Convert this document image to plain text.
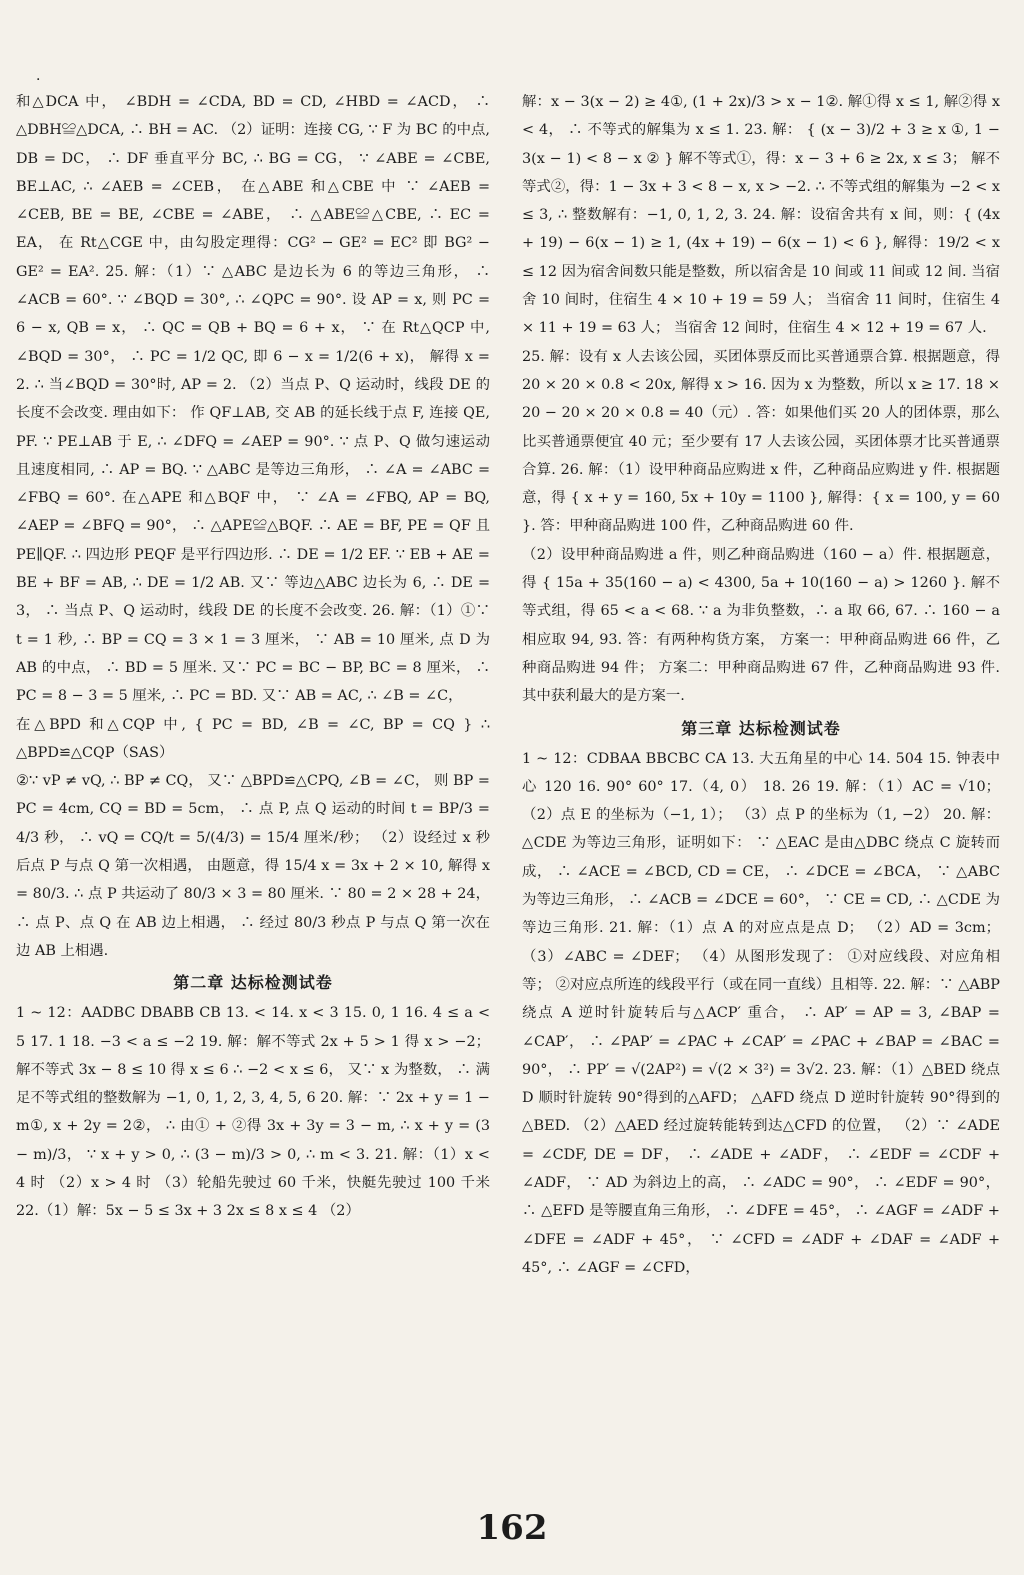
·

和△DCA 中， ∠BDH = ∠CDA, BD = CD, ∠HBD = ∠ACD， ∴ △DBH≌△DCA, ∴ BH = AC. （2）证明：连接 CG, ∵ F 为 BC 的中点, DB = DC， ∴ DF 垂直平分 BC, ∴ BG = CG， ∵ ∠ABE = ∠CBE, BE⊥AC, ∴ ∠AEB = ∠CEB， 在△ABE 和△CBE 中 ∵ ∠AEB = ∠CEB, BE = BE, ∠CBE = ∠ABE， ∴ △ABE≌△CBE, ∴ EC = EA， 在 Rt△CGE 中，由勾股定理得：CG² − GE² = EC² 即 BG² − GE² = EA². 25. 解：（1）∵ △ABC 是边长为 6 的等边三角形， ∴ ∠ACB = 60°. ∵ ∠BQD = 30°, ∴ ∠QPC = 90°. 设 AP = x, 则 PC = 6 − x, QB = x， ∴ QC = QB + BQ = 6 + x， ∵ 在 Rt△QCP 中, ∠BQD = 30°， ∴ PC = 1/2 QC, 即 6 − x = 1/2(6 + x)， 解得 x = 2. ∴ 当∠BQD = 30°时, AP = 2. （2）当点 P、Q 运动时，线段 DE 的长度不会改变. 理由如下： 作 QF⊥AB, 交 AB 的延长线于点 F, 连接 QE, PF. ∵ PE⊥AB 于 E, ∴ ∠DFQ = ∠AEP = 90°. ∵ 点 P、Q 做匀速运动且速度相同, ∴ AP = BQ. ∵ △ABC 是等边三角形， ∴ ∠A = ∠ABC = ∠FBQ = 60°. 在△APE 和△BQF 中， ∵ ∠A = ∠FBQ, AP = BQ, ∠AEP = ∠BFQ = 90°， ∴ △APE≌△BQF. ∴ AE = BF, PE = QF 且 PE∥QF. ∴ 四边形 PEQF 是平行四边形. ∴ DE = 1/2 EF. ∵ EB + AE = BE + BF = AB, ∴ DE = 1/2 AB. 又∵ 等边△ABC 边长为 6, ∴ DE = 3， ∴ 当点 P、Q 运动时，线段 DE 的长度不会改变. 26. 解：（1）①∵ t = 1 秒, ∴ BP = CQ = 3 × 1 = 3 厘米， ∵ AB = 10 厘米, 点 D 为 AB 的中点， ∴ BD = 5 厘米. 又∵ PC = BC − BP, BC = 8 厘米， ∴ PC = 8 − 3 = 5 厘米, ∴ PC = BD. 又∵ AB = AC, ∴ ∠B = ∠C，

在△BPD 和△CQP 中, { PC = BD, ∠B = ∠C, BP = CQ } ∴ △BPD≌△CQP（SAS）

②∵ vP ≠ vQ, ∴ BP ≠ CQ， 又∵ △BPD≌△CPQ, ∠B = ∠C， 则 BP = PC = 4cm, CQ = BD = 5cm， ∴ 点 P, 点 Q 运动的时间 t = BP/3 = 4/3 秒， ∴ vQ = CQ/t = 5/(4/3) = 15/4 厘米/秒； （2）设经过 x 秒后点 P 与点 Q 第一次相遇， 由题意，得 15/4 x = 3x + 2 × 10, 解得 x = 80/3. ∴ 点 P 共运动了 80/3 × 3 = 80 厘米. ∵ 80 = 2 × 28 + 24， ∴ 点 P、点 Q 在 AB 边上相遇， ∴ 经过 80/3 秒点 P 与点 Q 第一次在边 AB 上相遇.

第二章 达标检测试卷

1 ~ 12：AADBC DBABB CB 13. < 14. x < 3 15. 0, 1 16. 4 ≤ a < 5 17. 1 18. −3 < a ≤ −2 19. 解：解不等式 2x + 5 > 1 得 x > −2； 解不等式 3x − 8 ≤ 10 得 x ≤ 6 ∴ −2 < x ≤ 6， 又∵ x 为整数， ∴ 满足不等式组的整数解为 −1, 0, 1, 2, 3, 4, 5, 6 20. 解：∵ 2x + y = 1 − m①, x + 2y = 2②， ∴ 由① + ②得 3x + 3y = 3 − m, ∴ x + y = (3 − m)/3， ∵ x + y > 0, ∴ (3 − m)/3 > 0, ∴ m < 3. 21. 解：（1）x < 4 时 （2）x > 4 时 （3）轮船先驶过 60 千米，快艇先驶过 100 千米 22.（1）解：5x − 5 ≤ 3x + 3 2x ≤ 8 x ≤ 4 （2）

解：x − 3(x − 2) ≥ 4①, (1 + 2x)/3 > x − 1②. 解①得 x ≤ 1, 解②得 x < 4， ∴ 不等式的解集为 x ≤ 1. 23. 解： { (x − 3)/2 + 3 ≥ x ①, 1 − 3(x − 1) < 8 − x ② } 解不等式①，得：x − 3 + 6 ≥ 2x, x ≤ 3； 解不等式②，得：1 − 3x + 3 < 8 − x, x > −2. ∴ 不等式组的解集为 −2 < x ≤ 3, ∴ 整数解有：−1, 0, 1, 2, 3. 24. 解：设宿舍共有 x 间，则：{ (4x + 19) − 6(x − 1) ≥ 1, (4x + 19) − 6(x − 1) < 6 }, 解得：19/2 < x ≤ 12 因为宿舍间数只能是整数，所以宿舍是 10 间或 11 间或 12 间. 当宿舍 10 间时，住宿生 4 × 10 + 19 = 59 人； 当宿舍 11 间时，住宿生 4 × 11 + 19 = 63 人； 当宿舍 12 间时，住宿生 4 × 12 + 19 = 67 人.

25. 解：设有 x 人去该公园，买团体票反而比买普通票合算. 根据题意，得 20 × 20 × 0.8 < 20x, 解得 x > 16. 因为 x 为整数，所以 x ≥ 17. 18 × 20 − 20 × 20 × 0.8 = 40（元）. 答：如果他们买 20 人的团体票，那么比买普通票便宜 40 元；至少要有 17 人去该公园，买团体票才比买普通票合算. 26. 解：（1）设甲种商品应购进 x 件，乙种商品应购进 y 件. 根据题意，得 { x + y = 160, 5x + 10y = 1100 }, 解得：{ x = 100, y = 60 }. 答：甲种商品购进 100 件，乙种商品购进 60 件.

（2）设甲种商品购进 a 件，则乙种商品购进（160 − a）件. 根据题意，得 { 15a + 35(160 − a) < 4300, 5a + 10(160 − a) > 1260 }. 解不等式组，得 65 < a < 68. ∵ a 为非负整数，∴ a 取 66, 67. ∴ 160 − a 相应取 94, 93. 答：有两种构货方案， 方案一：甲种商品购进 66 件，乙种商品购进 94 件； 方案二：甲种商品购进 67 件，乙种商品购进 93 件. 其中获利最大的是方案一.

第三章 达标检测试卷

1 ~ 12：CDBAA BBCBC CA 13. 大五角星的中心 14. 504 15. 钟表中心 120 16. 90° 60° 17.（4, 0） 18. 26 19. 解：（1）AC = √10； （2）点 E 的坐标为（−1, 1）； （3）点 P 的坐标为（1, −2） 20. 解：△CDE 为等边三角形，证明如下： ∵ △EAC 是由△DBC 绕点 C 旋转而成， ∴ ∠ACE = ∠BCD, CD = CE， ∴ ∠DCE = ∠BCA， ∵ △ABC 为等边三角形， ∴ ∠ACB = ∠DCE = 60°， ∵ CE = CD, ∴ △CDE 为等边三角形. 21. 解：（1）点 A 的对应点是点 D； （2）AD = 3cm； （3）∠ABC = ∠DEF； （4）从图形发现了： ①对应线段、对应角相等； ②对应点所连的线段平行（或在同一直线）且相等. 22. 解：∵ △ABP 绕点 A 逆时针旋转后与△ACP′ 重合， ∴ AP′ = AP = 3, ∠BAP = ∠CAP′， ∴ ∠PAP′ = ∠PAC + ∠CAP′ = ∠PAC + ∠BAP = ∠BAC = 90°， ∴ PP′ = √(2AP²) = √(2 × 3²) = 3√2. 23. 解：（1）△BED 绕点 D 顺时针旋转 90°得到的△AFD； △AFD 绕点 D 逆时针旋转 90°得到的△BED. （2）△AED 经过旋转能转到达△CFD 的位置， （2）∵ ∠ADE = ∠CDF, DE = DF， ∴ ∠ADE + ∠ADF， ∴ ∠EDF = ∠CDF + ∠ADF， ∵ AD 为斜边上的高， ∴ ∠ADC = 90°， ∴ ∠EDF = 90°， ∴ △EFD 是等腰直角三角形， ∴ ∠DFE = 45°， ∴ ∠AGF = ∠ADF + ∠DFE = ∠ADF + 45°， ∵ ∠CFD = ∠ADF + ∠DAF = ∠ADF + 45°, ∴ ∠AGF = ∠CFD，

162
